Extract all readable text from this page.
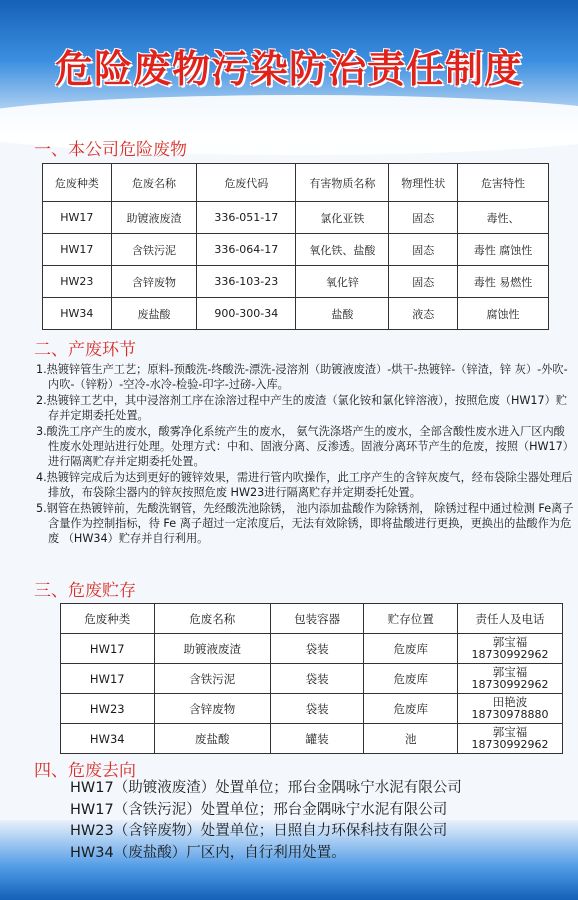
危险废物污染防治责任制度
一、本公司危险废物
危废种类	危废名称	危废代码	有害物质名称	物理性状	危害特性
HW17	助镀液废渣	336-051-17	氯化亚铁	固态	毒性、
HW17	含铁污泥	336-064-17	氧化铁、盐酸	固态	毒性 腐蚀性
HW23	含锌废物	336-103-23	氧化锌	固态	毒性 易燃性
HW34	废盐酸	900-300-34	盐酸	液态	腐蚀性
二、产废环节
1.热镀锌管生产工艺；原料-预酸洗-终酸洗-漂洗-浸溶剂（助镀液废渣）-烘干-热镀锌-（锌渣，锌 灰）-外吹-内吹-（锌粉）-空冷-水冷-检验-印字-过磅-入库。
2.热镀锌工艺中，其中浸溶剂工序在涂溶过程中产生的废渣（氯化铵和氯化锌溶液），按照危废（HW17）贮存并定期委托处置。
3.酸洗工序产生的废水，酸雾净化系统产生的废水， 氨气洗涤塔产生的废水，全部含酸性废水进入厂区内酸性废水处理站进行处理。处理方式：中和、固液分离、反渗透。固液分离环节产生的危废，按照（HW17）进行隔离贮存并定期委托处置。
4.热镀锌完成后为达到更好的镀锌效果，需进行管内吹操作，此工序产生的含锌灰废气，经布袋除尘器处理后排放，布袋除尘器内的锌灰按照危废 HW23进行隔离贮存并定期委托处置。
5.钢管在热镀锌前，先酸洗钢管，先经酸洗池除锈， 池内添加盐酸作为除锈剂， 除锈过程中通过检测 Fe离子含量作为控制指标，待 Fe 离子超过一定浓度后，无法有效除锈，即将盐酸进行更换，更换出的盐酸作为危废 （HW34）贮存并自行利用。
三、危废贮存
危废种类	危废名称	包装容器	贮存位置	责任人及电话
HW17	助镀液废渣	袋装	危废库	郭宝福
18730992962

HW17	含铁污泥	袋装	危废库	郭宝福
18730992962

HW23	含锌废物	袋装	危废库	田艳波
18730978880

HW34	废盐酸	罐装	池	郭宝福
18730992962
四、危废去向
HW17（助镀液废渣）处置单位；邢台金隅咏宁水泥有限公司
HW17（含铁污泥）处置单位；邢台金隅咏宁水泥有限公司
HW23（含锌废物）处置单位；日照自力环保科技有限公司
HW34（废盐酸）厂区内，自行利用处置。
